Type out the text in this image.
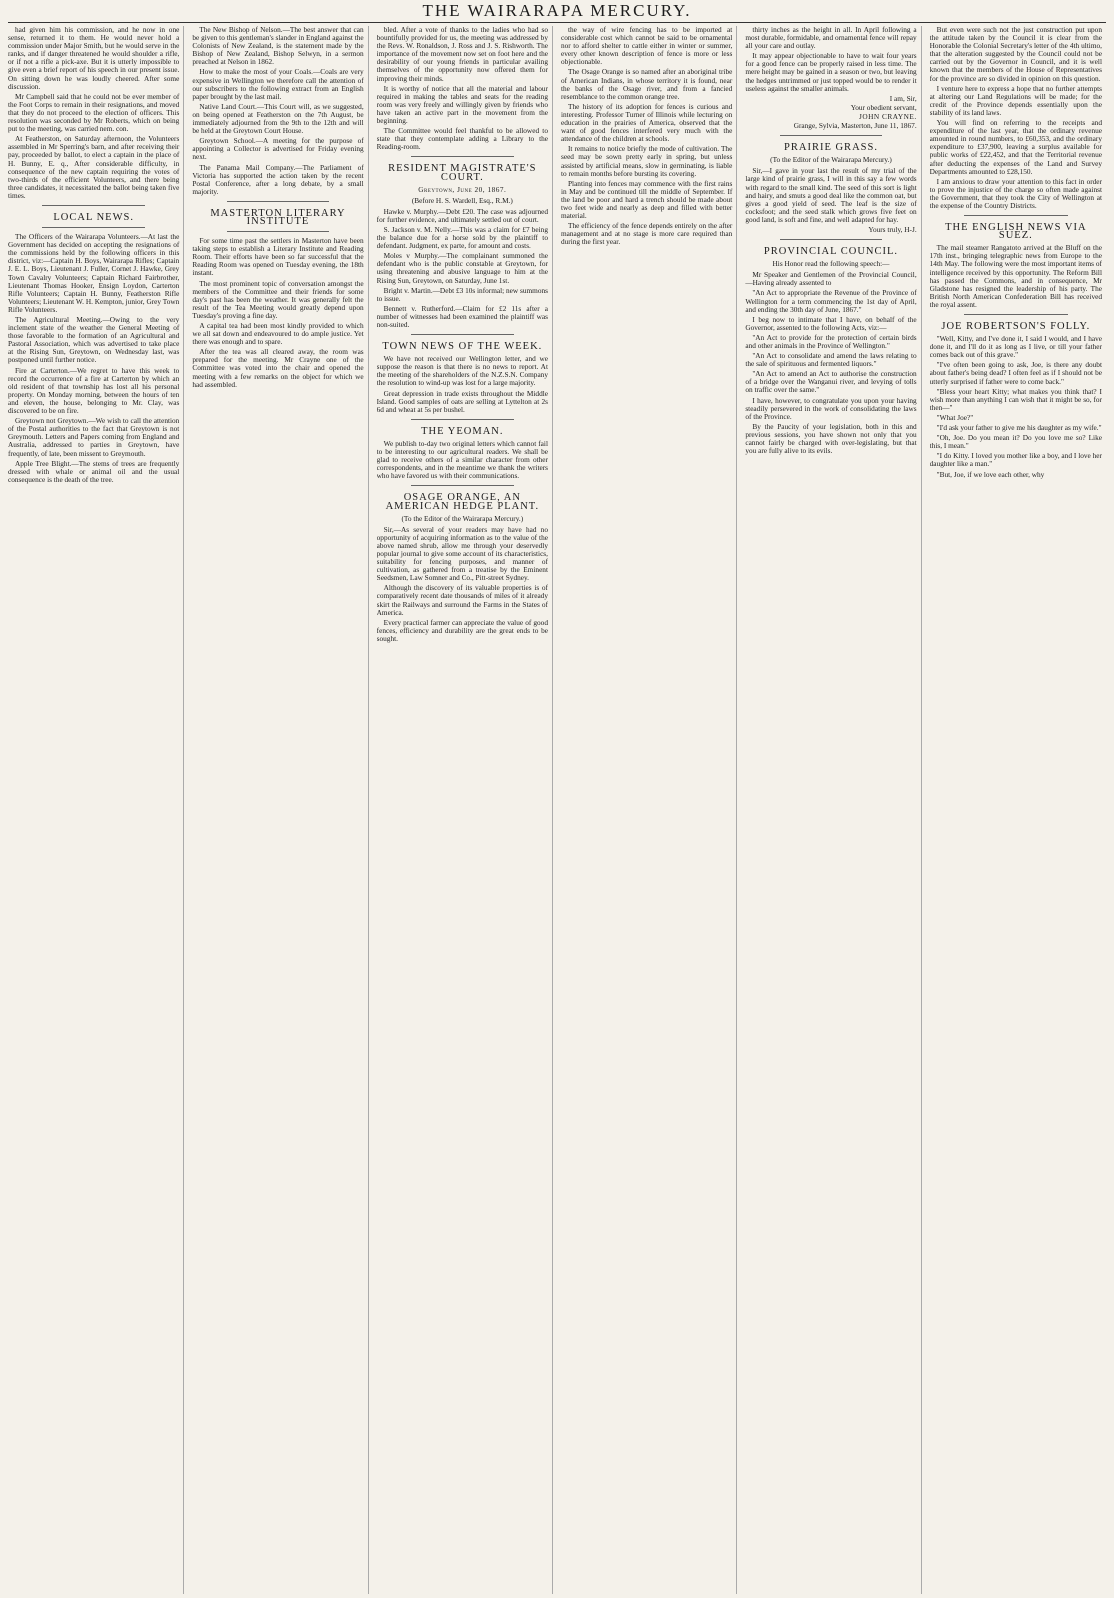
THE WAIRARAPA MERCURY.

had given him his commission, and he now in one sense, returned it to them. He would never hold a commission under Major Smith, but he would serve in the ranks, and if danger threatened he would shoulder a rifle, or if not a rifle a pick-axe. But it is utterly impossible to give even a brief report of his speech in our present issue. On sitting down he was loudly cheered. After some discussion.

Mr Campbell said that he could not be ever member of the Foot Corps to remain in their resignations, and moved that they do not proceed to the election of officers. This resolution was seconded by Mr Roberts, which on being put to the meeting, was carried nem. con.

At Featherston, on Saturday afternoon, the Volunteers assembled in Mr Sperring's barn, and after receiving their pay, proceeded by ballot, to elect a captain in the place of H. Bunny, E. q., After considerable difficulty, in consequence of the new captain requiring the votes of two-thirds of the efficient Volunteers, and there being three candidates, it necessitated the ballot being taken five times.

LOCAL NEWS.

The Officers of the Wairarapa Volunteers.—At last the Government has decided on accepting the resignations of the commissions held by the following officers in this district, viz:—Captain H. Boys, Wairarapa Rifles; Captain J. E. L. Boys, Lieutenant J. Fuller, Cornet J. Hawke, Grey Town Cavalry Volunteers; Captain Richard Fairbrother, Lieutenant Thomas Hooker, Ensign Loydon, Carterton Rifle Volunteers; Captain H. Bunny, Featherston Rifle Volunteers; Lieutenant W. H. Kempton, junior, Grey Town Rifle Volunteers.

The Agricultural Meeting.—Owing to the very inclement state of the weather the General Meeting of those favorable to the formation of an Agricultural and Pastoral Association, which was advertised to take place at the Rising Sun, Greytown, on Wednesday last, was postponed until further notice.

Fire at Carterton.—We regret to have this week to record the occurrence of a fire at Carterton by which an old resident of that township has lost all his personal property. On Monday morning, between the hours of ten and eleven, the house, belonging to Mr. Clay, was discovered to be on fire.

Greytown not Greytown.—We wish to call the attention of the Postal authorities to the fact that Greytown is not Greymouth. Letters and Papers coming from England and Australia, addressed to parties in Greytown, have frequently, of late, been missent to Greymouth.

Apple Tree Blight.—The stems of trees are frequently dressed with whale or animal oil and the usual consequence is the death of the tree.

The New Bishop of Nelson.—The best answer that can be given to this gentleman's slander in England against the Colonists of New Zealand, is the statement made by the Bishop of New Zealand, Bishop Selwyn, in a sermon preached at Nelson in 1862.

How to make the most of your Coals.—Coals are very expensive in Wellington we therefore call the attention of our subscribers to the following extract from an English paper brought by the last mail.

Native Land Court.—This Court will, as we suggested, on being opened at Featherston on the 7th August, be immediately adjourned from the 9th to the 12th and will be held at the Greytown Court House.

Greytown School.—A meeting for the purpose of appointing a Collector is advertised for Friday evening next.

The Panama Mail Company.—The Parliament of Victoria has supported the action taken by the recent Postal Conference, after a long debate, by a small majority.

MASTERTON LITERARY INSTITUTE

For some time past the settlers in Masterton have been taking steps to establish a Literary Institute and Reading Room. Their efforts have been so far successful that the Reading Room was opened on Tuesday evening, the 18th instant.

The most prominent topic of conversation amongst the members of the Committee and their friends for some day's past has been the weather. It was generally felt the result of the Tea Meeting would greatly depend upon Tuesday's proving a fine day.

A capital tea had been most kindly provided to which we all sat down and endeavoured to do ample justice. Yet there was enough and to spare.

After the tea was all cleared away, the room was prepared for the meeting. Mr Crayne one of the Committee was voted into the chair and opened the meeting with a few remarks on the object for which we had assembled.

bled. After a vote of thanks to the ladies who had so bountifully provided for us, the meeting was addressed by the Revs. W. Ronaldson, J. Ross and J. S. Rishworth. The importance of the movement now set on foot here and the desirability of our young friends in particular availing themselves of the opportunity now offered them for improving their minds.

It is worthy of notice that all the material and labour required in making the tables and seats for the reading room was very freely and willingly given by friends who have taken an active part in the movement from the beginning.

The Committee would feel thankful to be allowed to state that they contemplate adding a Library to the Reading-room.

RESIDENT MAGISTRATE'S COURT.
Greytown, June 20, 1867.
(Before H. S. Wardell, Esq., R.M.)

Hawke v. Murphy.—Debt £20. The case was adjourned for further evidence, and ultimately settled out of court.

S. Jackson v. M. Nelly.—This was a claim for £7 being the balance due for a horse sold by the plaintiff to defendant. Judgment, ex parte, for amount and costs.

Moles v Murphy.—The complainant summoned the defendant who is the public constable at Greytown, for using threatening and abusive language to him at the Rising Sun, Greytown, on Saturday, June 1st.

Bright v. Martin.—Debt £3 10s informal; new summons to issue.

Bennett v. Rutherford.—Claim for £2 11s after a number of witnesses had been examined the plaintiff was non-suited.

TOWN NEWS OF THE WEEK.

We have not received our Wellington letter, and we suppose the reason is that there is no news to report. At the meeting of the shareholders of the N.Z.S.N. Company the resolution to wind-up was lost for a large majority.

Great depression in trade exists throughout the Middle Island. Good samples of oats are selling at Lyttelton at 2s 6d and wheat at 5s per bushel.

THE YEOMAN.

We publish to-day two original letters which cannot fail to be interesting to our agricultural readers. We shall be glad to receive others of a similar character from other correspondents, and in the meantime we thank the writers who have favored us with their communications.

OSAGE ORANGE, AN AMERICAN HEDGE PLANT.
(To the Editor of the Wairarapa Mercury.)

Sir,—As several of your readers may have had no opportunity of acquiring information as to the value of the above named shrub, allow me through your deservedly popular journal to give some account of its characteristics, suitability for fencing purposes, and manner of cultivation, as gathered from a treatise by the Eminent Seedsmen, Law Somner and Co., Pitt-street Sydney.

Although the discovery of its valuable properties is of comparatively recent date thousands of miles of it already skirt the Railways and surround the Farms in the States of America.

Every practical farmer can appreciate the value of good fences, efficiency and durability are the great ends to be sought.

the way of wire fencing has to be imported at considerable cost which cannot be said to be ornamental nor to afford shelter to cattle either in winter or summer, every other known description of fence is more or less objectionable.

The Osage Orange is so named after an aboriginal tribe of American Indians, in whose territory it is found, near the banks of the Osage river, and from a fancied resemblance to the common orange tree.

The history of its adoption for fences is curious and interesting. Professor Turner of Illinois while lecturing on education in the prairies of America, observed that the want of good fences interfered very much with the attendance of the children at schools.

It remains to notice briefly the mode of cultivation. The seed may be sown pretty early in spring, but unless assisted by artificial means, slow in germinating, is liable to remain months before bursting its covering.

Planting into fences may commence with the first rains in May and be continued till the middle of September. If the land be poor and hard a trench should be made about two feet wide and nearly as deep and filled with better material.

The efficiency of the fence depends entirely on the after management and at no stage is more care required than during the first year.

thirty inches as the height in all. In April following a most durable, formidable, and ornamental fence will repay all your care and outlay.

It may appear objectionable to have to wait four years for a good fence can be properly raised in less time. The mere height may be gained in a season or two, but leaving the hedges untrimmed or just topped would be to render it useless against the smaller animals.

I am, Sir,
Your obedient servant,
JOHN CRAYNE.
Grange, Sylvia, Masterton, June 11, 1867.
PRAIRIE GRASS.
(To the Editor of the Wairarapa Mercury.)

Sir,—I gave in your last the result of my trial of the large kind of prairie grass, I will in this say a few words with regard to the small kind. The seed of this sort is light and hairy, and smuts a good deal like the common oat, but gives a good yield of seed. The leaf is the size of cocksfoot; and the seed stalk which grows five feet on good land, is soft and fine, and well adapted for hay.

Yours truly, H-J.
PROVINCIAL COUNCIL.
His Honor read the following speech:—

Mr Speaker and Gentlemen of the Provincial Council,—Having already assented to

"An Act to appropriate the Revenue of the Province of Wellington for a term commencing the 1st day of April, and ending the 30th day of June, 1867."

I beg now to intimate that I have, on behalf of the Governor, assented to the following Acts, viz:—

"An Act to provide for the protection of certain birds and other animals in the Province of Wellington."

"An Act to consolidate and amend the laws relating to the sale of spirituous and fermented liquors."

"An Act to amend an Act to authorise the construction of a bridge over the Wanganui river, and levying of tolls on traffic over the same."

I have, however, to congratulate you upon your having steadily persevered in the work of consolidating the laws of the Province.

By the Paucity of your legislation, both in this and previous sessions, you have shown not only that you cannot fairly be charged with over-legislating, but that you are fully alive to its evils.

But even were such not the just construction put upon the attitude taken by the Council it is clear from the Honorable the Colonial Secretary's letter of the 4th ultimo, that the alteration suggested by the Council could not be carried out by the Governor in Council, and it is well known that the members of the House of Representatives for the province are so divided in opinion on this question.

I venture here to express a hope that no further attempts at altering our Land Regulations will be made; for the credit of the Province depends essentially upon the stability of its land laws.

You will find on referring to the receipts and expenditure of the last year, that the ordinary revenue amounted in round numbers, to £60,353, and the ordinary expenditure to £37,900, leaving a surplus available for public works of £22,452, and that the Territorial revenue after deducting the expenses of the Land and Survey Departments amounted to £28,150.

I am anxious to draw your attention to this fact in order to prove the injustice of the charge so often made against the Government, that they took the City of Wellington at the expense of the Country Districts.

THE ENGLISH NEWS VIA SUEZ.

The mail steamer Rangatoto arrived at the Bluff on the 17th inst., bringing telegraphic news from Europe to the 14th May. The following were the most important items of intelligence received by this opportunity. The Reform Bill has passed the Commons, and in consequence, Mr Gladstone has resigned the leadership of his party. The British North American Confederation Bill has received the royal assent.

JOE ROBERTSON'S FOLLY.

"Well, Kitty, and I've done it, I said I would, and I have done it, and I'll do it as long as I live, or till your father comes back out of this grave."

"I've often been going to ask, Joe, is there any doubt about father's being dead? I often feel as if I should not be utterly surprised if father were to come back."

"Bless your heart Kitty; what makes you think that? I wish more than anything I can wish that it might be so, for then—"

"What Joe?"

"I'd ask your father to give me his daughter as my wife."

"Oh, Joe. Do you mean it? Do you love me so? Like this, I mean."

"I do Kitty. I loved you mother like a boy, and I love her daughter like a man."

"But, Joe, if we love each other, why
